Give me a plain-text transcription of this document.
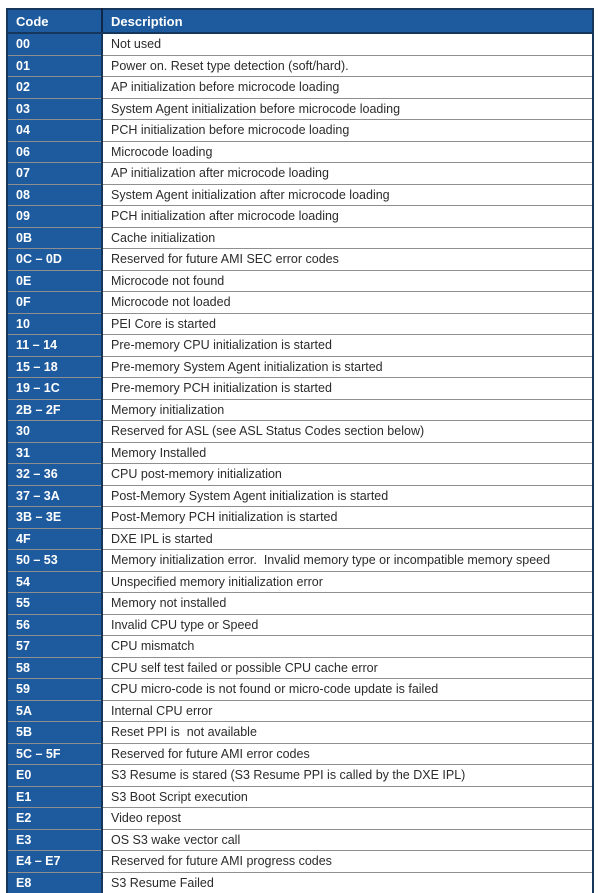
Code	Description
00	Not used
01	Power on. Reset type detection (soft/hard).
02	AP initialization before microcode loading
03	System Agent initialization before microcode loading
04	PCH initialization before microcode loading
06	Microcode loading
07	AP initialization after microcode loading
08	System Agent initialization after microcode loading
09	PCH initialization after microcode loading
0B	Cache initialization
0C – 0D	Reserved for future AMI SEC error codes
0E	Microcode not found
0F	Microcode not loaded
10	PEI Core is started
11 – 14	Pre-memory CPU initialization is started
15 – 18	Pre-memory System Agent initialization is started
19 – 1C	Pre-memory PCH initialization is started
2B – 2F	Memory initialization
30	Reserved for ASL (see ASL Status Codes section below)
31	Memory Installed
32 – 36	CPU post-memory initialization
37 – 3A	Post-Memory System Agent initialization is started
3B – 3E	Post-Memory PCH initialization is started
4F	DXE IPL is started
50 – 53	Memory initialization error.  Invalid memory type or incompatible memory speed
54	Unspecified memory initialization error
55	Memory not installed
56	Invalid CPU type or Speed
57	CPU mismatch
58	CPU self test failed or possible CPU cache error
59	CPU micro-code is not found or micro-code update is failed
5A	Internal CPU error
5B	Reset PPI is  not available
5C – 5F	Reserved for future AMI error codes
E0	S3 Resume is stared (S3 Resume PPI is called by the DXE IPL)
E1	S3 Boot Script execution
E2	Video repost
E3	OS S3 wake vector call
E4 – E7	Reserved for future AMI progress codes
E8	S3 Resume Failed
